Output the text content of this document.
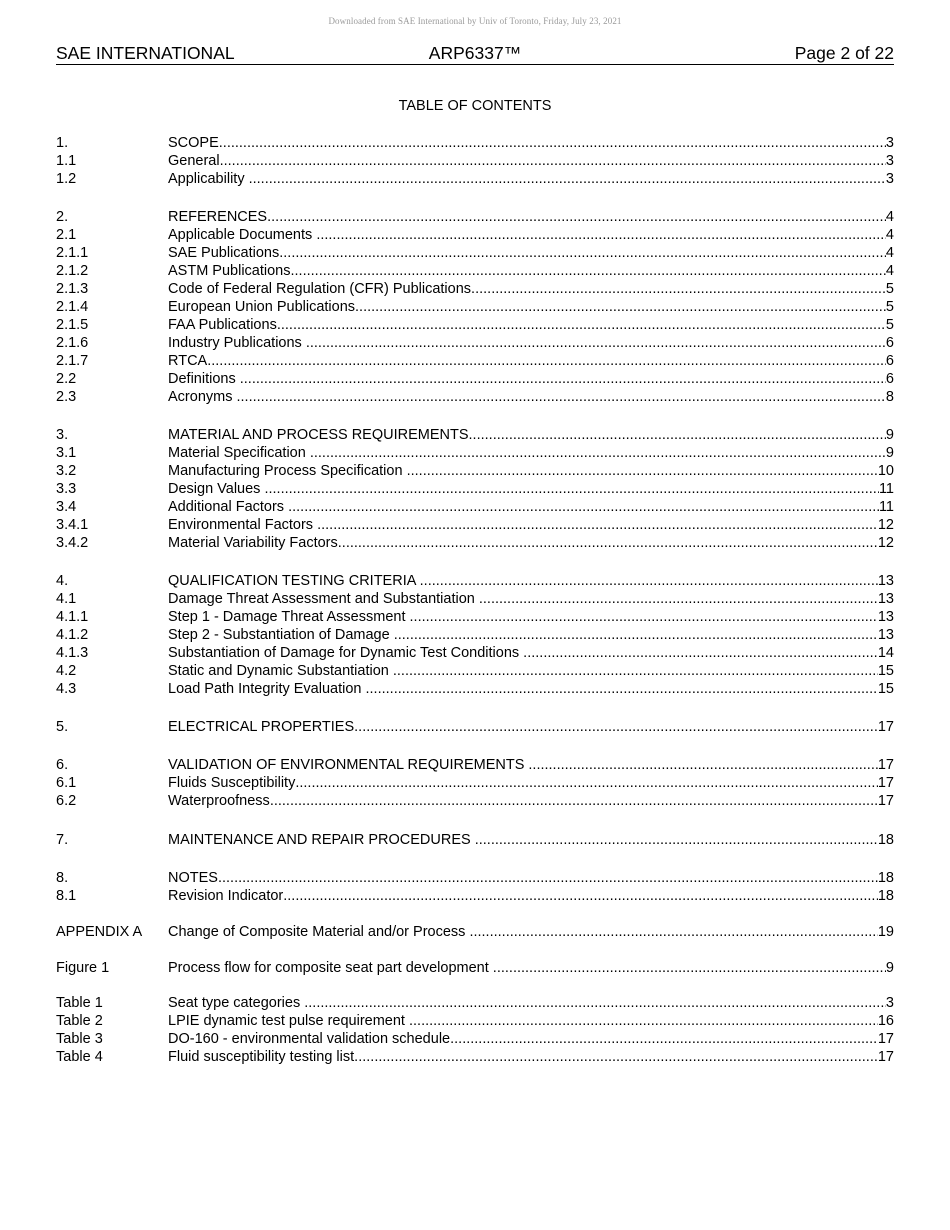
Downloaded from SAE International by Univ of Toronto, Friday, July 23, 2021
SAE INTERNATIONAL	ARP6337™	Page 2 of 22
TABLE OF CONTENTS
1.	SCOPE .....	3
1.1	General .....	3
1.2	Applicability .....	3
2.	REFERENCES .....	4
2.1	Applicable Documents .....	4
2.1.1	SAE Publications .....	4
2.1.2	ASTM Publications .....	4
2.1.3	Code of Federal Regulation (CFR) Publications .....	5
2.1.4	European Union Publications .....	5
2.1.5	FAA Publications .....	5
2.1.6	Industry Publications .....	6
2.1.7	RTCA .....	6
2.2	Definitions .....	6
2.3	Acronyms .....	8
3.	MATERIAL AND PROCESS REQUIREMENTS .....	9
3.1	Material Specification .....	9
3.2	Manufacturing Process Specification .....	10
3.3	Design Values .....	11
3.4	Additional Factors .....	11
3.4.1	Environmental Factors .....	12
3.4.2	Material Variability Factors .....	12
4.	QUALIFICATION TESTING CRITERIA .....	13
4.1	Damage Threat Assessment and Substantiation .....	13
4.1.1	Step 1 - Damage Threat Assessment .....	13
4.1.2	Step 2 - Substantiation of Damage .....	13
4.1.3	Substantiation of Damage for Dynamic Test Conditions .....	14
4.2	Static and Dynamic Substantiation .....	15
4.3	Load Path Integrity Evaluation .....	15
5.	ELECTRICAL PROPERTIES .....	17
6.	VALIDATION OF ENVIRONMENTAL REQUIREMENTS .....	17
6.1	Fluids Susceptibility .....	17
6.2	Waterproofness .....	17
7.	MAINTENANCE AND REPAIR PROCEDURES .....	18
8.	NOTES .....	18
8.1	Revision Indicator .....	18
APPENDIX A Change of Composite Material and/or Process .....	19
Figure 1	Process flow for composite seat part development .....	9
Table 1	Seat type categories .....	3
Table 2	LPIE dynamic test pulse requirement .....	16
Table 3	DO-160 - environmental validation schedule .....	17
Table 4	Fluid susceptibility testing list .....	17
